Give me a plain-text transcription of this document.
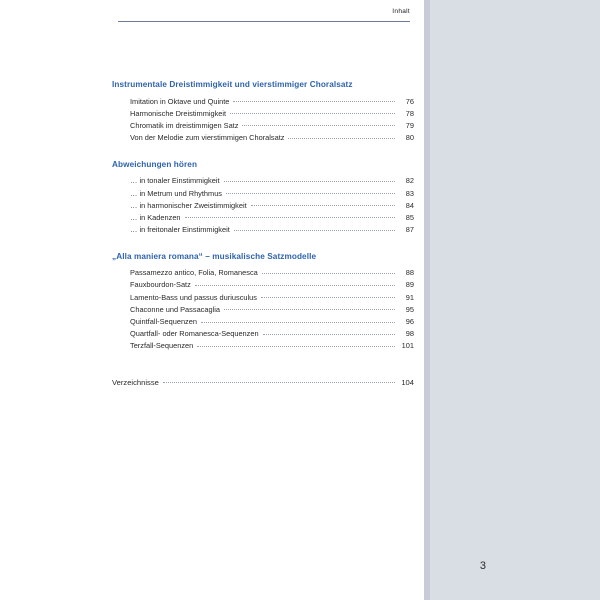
Inhalt
Instrumentale Dreistimmigkeit und vierstimmiger Choralsatz
Imitation in Oktave und Quinte	76
Harmonische Dreistimmigkeit	78
Chromatik im dreistimmigen Satz	79
Von der Melodie zum vierstimmigen Choralsatz	80
Abweichungen hören
… in tonaler Einstimmigkeit	82
… in Metrum und Rhythmus	83
… in harmonischer Zweistimmigkeit	84
… in Kadenzen	85
… in freitonaler Einstimmigkeit	87
„Alla maniera romana“ – musikalische Satzmodelle
Passamezzo antico, Folia, Romanesca	88
Fauxbourdon-Satz	89
Lamento-Bass und passus duriusculus	91
Chaconne und Passacaglia	95
Quintfall-Sequenzen	96
Quartfall- oder Romanesca-Sequenzen	98
Terzfall-Sequenzen	101
Verzeichnisse	104
3
